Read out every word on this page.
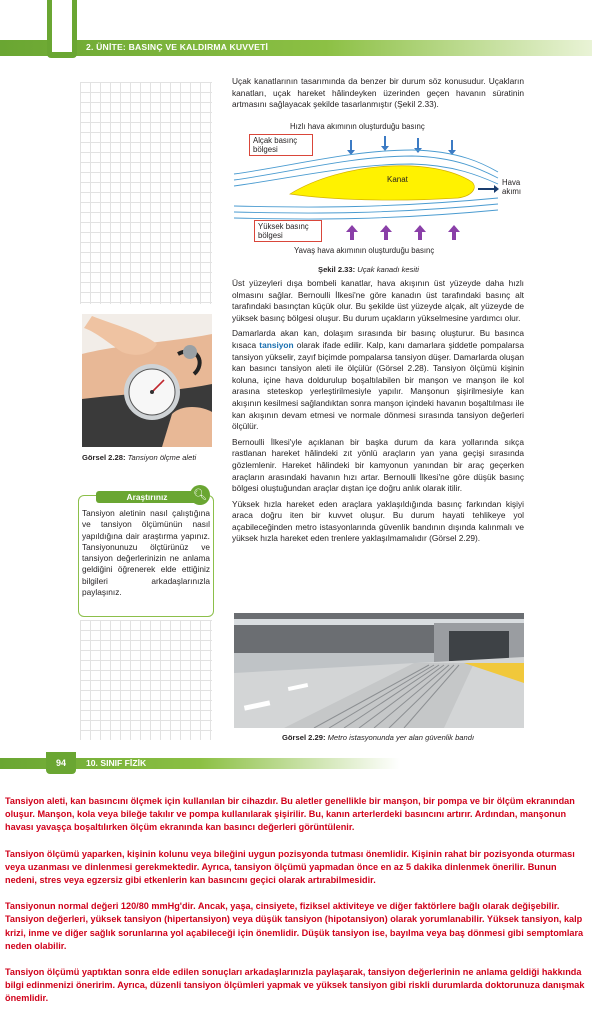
2. ÜNİTE: BASINÇ VE KALDIRMA KUVVETİ
Uçak kanatlarının tasarımında da benzer bir durum söz konusudur. Uçakların kanatları, uçak hareket hâlindeyken üzerinden geçen havanın süratinin artmasını sağlayacak şekilde tasarlanmıştır (Şekil 2.33).
Hızlı hava akımının oluşturduğu basınç
Alçak basınç
bölgesi
Kanat	Hava
akımı
Yüksek basınç
bölgesi
Yavaş hava akımının oluşturduğu basınç
Şekil 2.33: Uçak kanadı kesiti

Üst yüzeyleri dışa bombeli kanatlar, hava akışının üst yüzeyde daha hızlı olmasını sağlar. Bernoulli İlkesi'ne göre kanadın üst tarafındaki basınç alt tarafındaki basınçtan küçük olur. Bu şekilde üst yüzeyde alçak, alt yüzeyde de yüksek basınç bölgesi oluşur. Bu durum uçakların yükselmesine yardımcı olur.

Damarlarda akan kan, dolaşım sırasında bir basınç oluşturur. Bu basınca kısaca tansiyon olarak ifade edilir. Kalp, kanı damarlara şiddetle pompalarsa tansiyon yükselir, zayıf biçimde pompalarsa tansiyon düşer. Damarlarda oluşan kan basıncı tansiyon aleti ile ölçülür (Görsel 2.28). Tansiyon ölçümü kişinin koluna, içine hava doldurulup boşaltılabilen bir manşon ve manşon ile kol arasına steteskop yerleştirilmesiyle yapılır. Manşonun şişirilmesiyle kan akışının kesilmesi sağlandıktan sonra manşon içindeki havanın boşaltılması ile kan akışının devam etmesi ve normale dönmesi sırasında tansiyon değerleri ölçülür.

Bernoulli İlkesi'yle açıklanan bir başka durum da kara yollarında sıkça rastlanan hareket hâlindeki zıt yönlü araçların yan yana geçişi sırasında gözlemlenir. Hareket hâlindeki bir kamyonun yanından bir araç geçerken araçların arasındaki havanın hızı artar. Bernoulli İlkesi'ne göre düşük basınç bölgesi oluştuğundan araçlar dıştan içe doğru anlık olarak itilir.

Yüksek hızla hareket eden araçlara yaklaşıldığında basınç farkından kişiyi araca doğru iten bir kuvvet oluşur. Bu durum hayati tehlikeye yol açabileceğinden metro istasyonlarında güvenlik bandının dışında kalınmalı ve yüksek hızla hareket eden trenlere yaklaşılmamalıdır (Görsel 2.29).

Görsel 2.28: Tansiyon ölçme aleti
Araştırınız	🔍︎
Tansiyon aletinin nasıl çalıştığına ve tansiyon ölçümünün nasıl yapıldığına dair araştırma yapınız. Tansiyonunuzu ölçtürünüz ve tansiyon değerlerinizin ne anlama geldiğini öğrenerek elde ettiğiniz bilgileri arkadaşlarınızla paylaşınız.
Görsel 2.29: Metro istasyonunda yer alan güvenlik bandı
94	10. SINIF FİZİK

Tansiyon aleti, kan basıncını ölçmek için kullanılan bir cihazdır. Bu aletler genellikle bir manşon, bir pompa ve bir ölçüm ekranından oluşur. Manşon, kola veya bileğe takılır ve pompa kullanılarak şişirilir. Bu, kanın arterlerdeki basıncını artırır. Ardından, manşonun havası yavaşça boşaltılırken ölçüm ekranında kan basıncı değerleri görüntülenir.

Tansiyon ölçümü yaparken, kişinin kolunu veya bileğini uygun pozisyonda tutması önemlidir. Kişinin rahat bir pozisyonda oturması veya uzanması ve dinlenmesi gerekmektedir. Ayrıca, tansiyon ölçümü yapmadan önce en az 5 dakika dinlenmek önerilir. Bunun nedeni, stres veya egzersiz gibi etkenlerin kan basıncını geçici olarak artırabilmesidir.

Tansiyonun normal değeri 120/80 mmHg'dir. Ancak, yaşa, cinsiyete, fiziksel aktiviteye ve diğer faktörlere bağlı olarak değişebilir. Tansiyon değerleri, yüksek tansiyon (hipertansiyon) veya düşük tansiyon (hipotansiyon) olarak yorumlanabilir. Yüksek tansiyon, kalp krizi, inme ve diğer sağlık sorunlarına yol açabileceği için önemlidir. Düşük tansiyon ise, bayılma veya baş dönmesi gibi semptomlara neden olabilir.

Tansiyon ölçümü yaptıktan sonra elde edilen sonuçları arkadaşlarınızla paylaşarak, tansiyon değerlerinin ne anlama geldiği hakkında bilgi edinmenizi öneririm. Ayrıca, düzenli tansiyon ölçümleri yapmak ve yüksek tansiyon gibi riskli durumlarda doktorunuza danışmak önemlidir.
